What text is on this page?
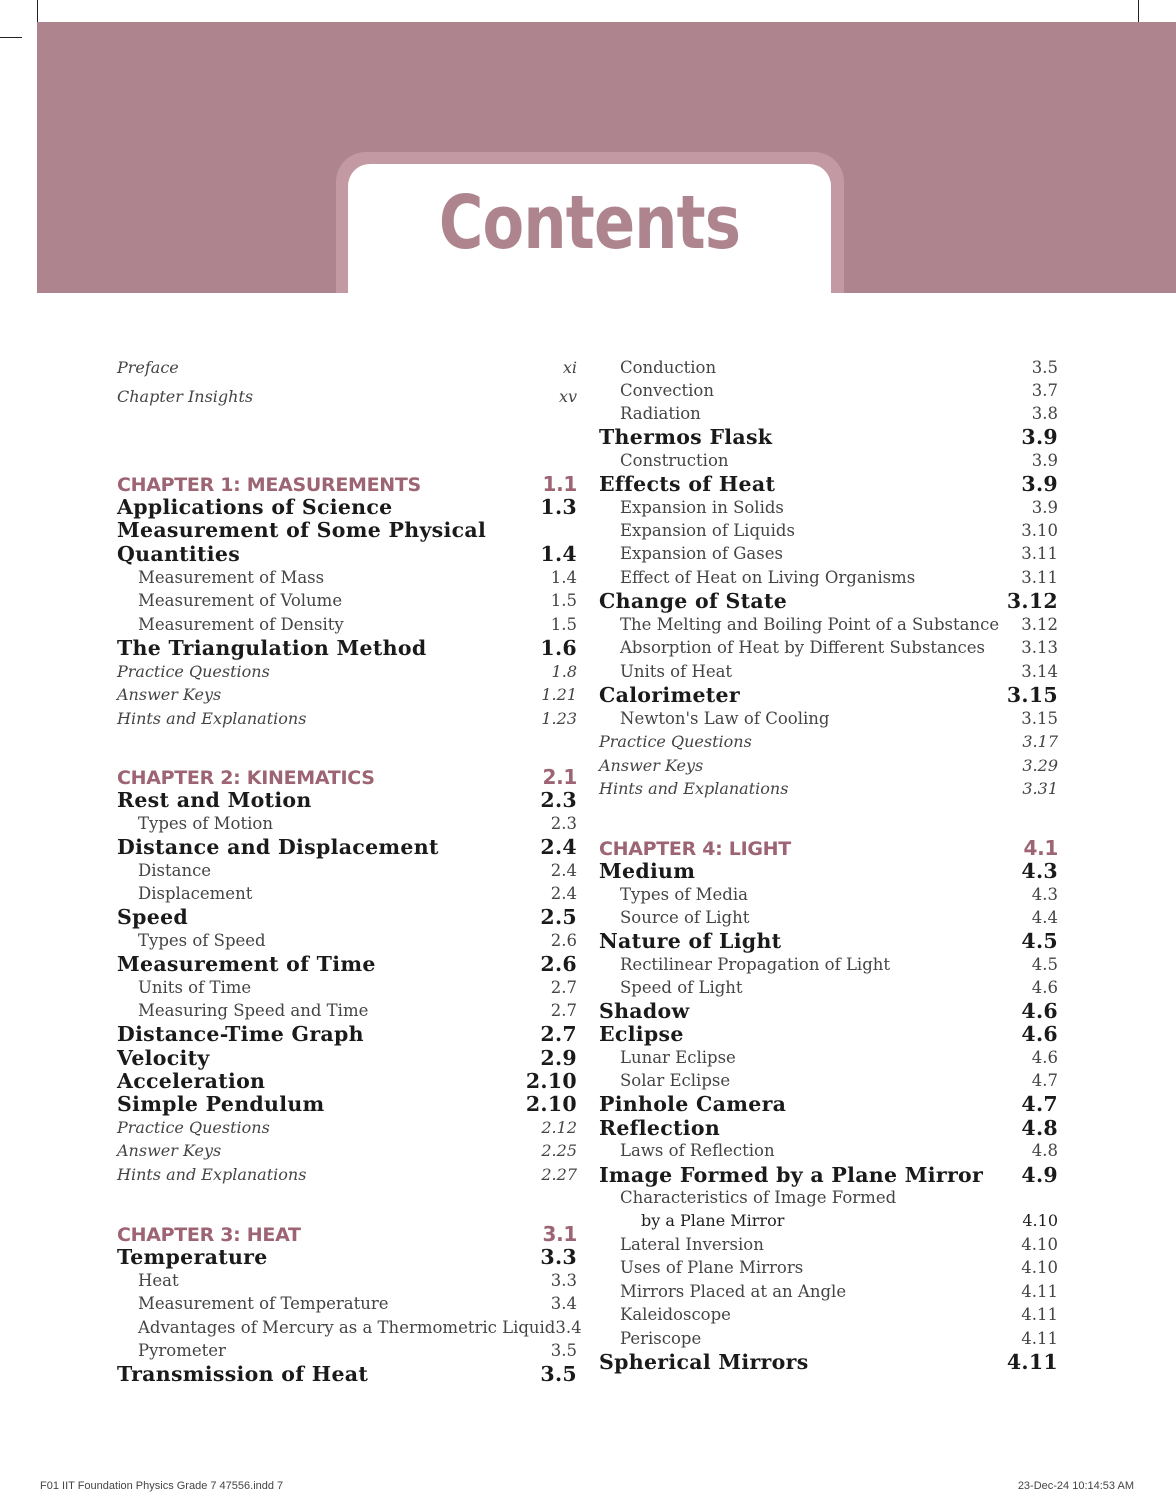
Contents
Preface	xi
Chapter Insights	xv
CHAPTER 1: MEASUREMENTS	1.1
Applications of Science	1.3
Measurement of Some Physical
Quantities	1.4
Measurement of Mass	1.4
Measurement of Volume	1.5
Measurement of Density	1.5
The Triangulation Method	1.6
Practice Questions	1.8
Answer Keys	1.21
Hints and Explanations	1.23
CHAPTER 2: KINEMATICS	2.1
Rest and Motion	2.3
Types of Motion	2.3
Distance and Displacement	2.4
Distance	2.4
Displacement	2.4
Speed	2.5
Types of Speed	2.6
Measurement of Time	2.6
Units of Time	2.7
Measuring Speed and Time	2.7
Distance-Time Graph	2.7
Velocity	2.9
Acceleration	2.10
Simple Pendulum	2.10
Practice Questions	2.12
Answer Keys	2.25
Hints and Explanations	2.27
CHAPTER 3: HEAT	3.1
Temperature	3.3
Heat	3.3
Measurement of Temperature	3.4
Advantages of Mercury as a Thermometric Liquid 3.4
Pyrometer	3.5
Transmission of Heat	3.5
Conduction	3.5
Convection	3.7
Radiation	3.8
Thermos Flask	3.9
Construction	3.9
Effects of Heat	3.9
Expansion in Solids	3.9
Expansion of Liquids	3.10
Expansion of Gases	3.11
Effect of Heat on Living Organisms	3.11
Change of State	3.12
The Melting and Boiling Point of a Substance 3.12
Absorption of Heat by Different Substances 3.13
Units of Heat	3.14
Calorimeter	3.15
Newton's Law of Cooling	3.15
Practice Questions	3.17
Answer Keys	3.29
Hints and Explanations	3.31
CHAPTER 4: LIGHT	4.1
Medium	4.3
Types of Media	4.3
Source of Light	4.4
Nature of Light	4.5
Rectilinear Propagation of Light	4.5
Speed of Light	4.6
Shadow	4.6
Eclipse	4.6
Lunar Eclipse	4.6
Solar Eclipse	4.7
Pinhole Camera	4.7
Reflection	4.8
Laws of Reflection	4.8
Image Formed by a Plane Mirror 4.9
Characteristics of Image Formed
by a Plane Mirror	4.10
Lateral Inversion	4.10
Uses of Plane Mirrors	4.10
Mirrors Placed at an Angle	4.11
Kaleidoscope	4.11
Periscope	4.11
Spherical Mirrors	4.11
F01 IIT Foundation Physics Grade 7 47556.indd 7	23-Dec-24 10:14:53 AM
